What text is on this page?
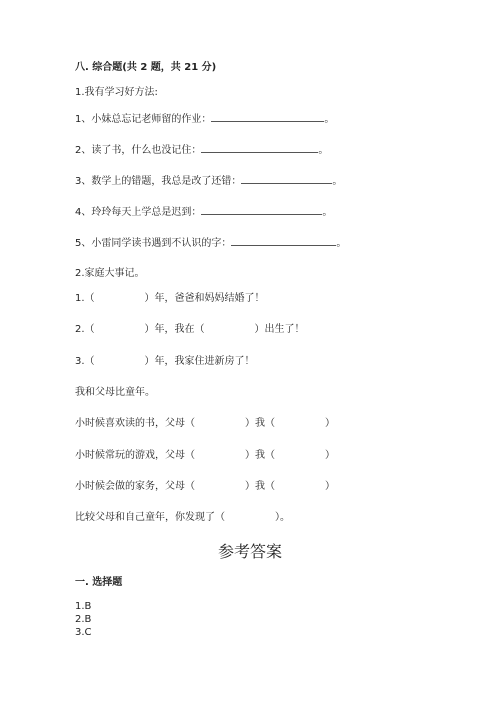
八. 综合题(共 2 题，共 21 分)
1.我有学习好方法:
1、小妹总忘记老师留的作业：	。
2、读了书，什么也没记住：	。
3、数学上的错题，我总是改了还错：	。
4、玲玲每天上学总是迟到：	。
5、小雷同学读书遇到不认识的字：	。
2.家庭大事记。
1.（　　　　　）年，爸爸和妈妈结婚了！
2.（　　　　　）年，我在（　　　　　）出生了！
3.（　　　　　）年，我家住进新房了！
我和父母比童年。
小时候喜欢读的书，父母（　　　　　）我（　　　　　）
小时候常玩的游戏，父母（　　　　　）我（　　　　　）
小时候会做的家务，父母（　　　　　）我（　　　　　）
比较父母和自己童年，你发现了（　　　　　）。
参考答案
一. 选择题
1.B
2.B
3.C
